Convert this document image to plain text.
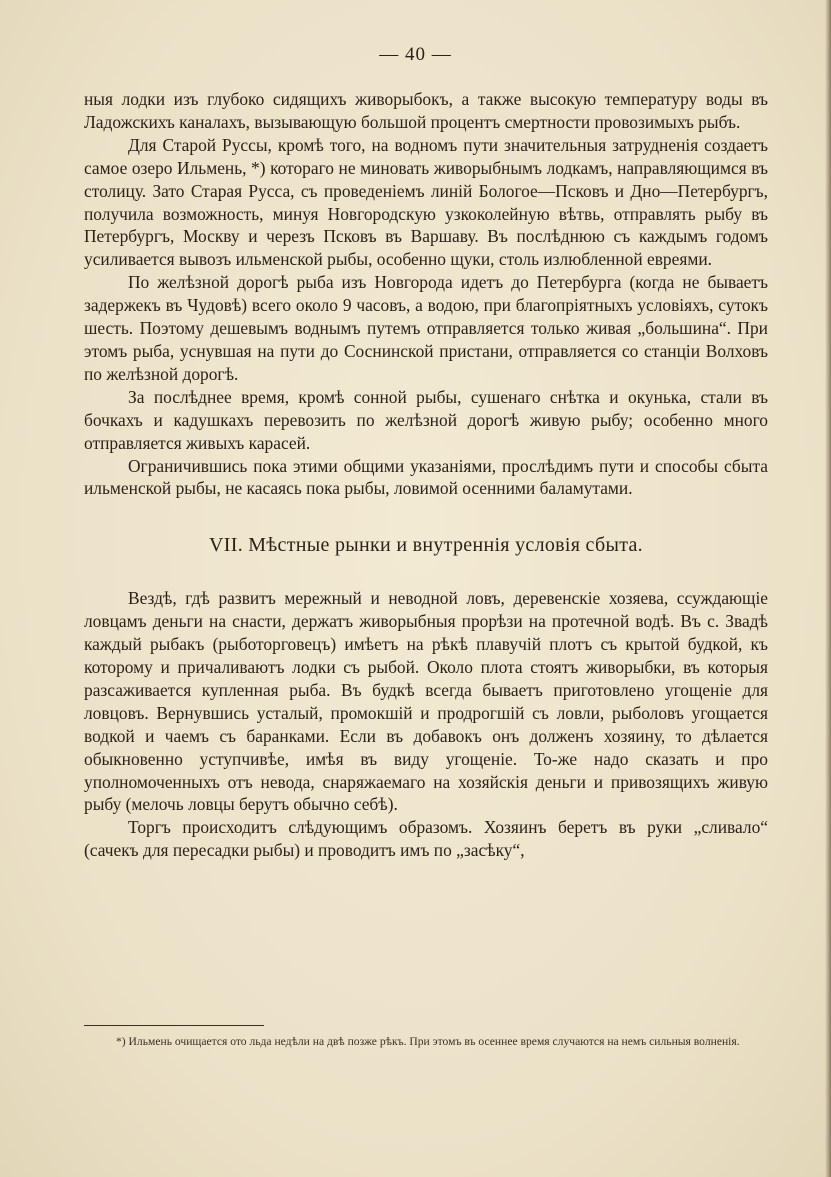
— 40 —

ныя лодки изъ глубоко сидящихъ живорыбокъ, а также высокую температуру воды въ Ладожскихъ каналахъ, вызывающую большой процентъ смертности провозимыхъ рыбъ.

Для Старой Руссы, кромѣ того, на водномъ пути значительныя затрудненія создаетъ самое озеро Ильмень, *) котораго не миновать живорыбнымъ лодкамъ, направляющимся въ столицу. Зато Старая Русса, съ проведеніемъ линій Бологое—Псковъ и Дно—Петербургъ, получила возможность, минуя Новгородскую узкоколейную вѣтвь, отправлять рыбу въ Петербургъ, Москву и черезъ Псковъ въ Варшаву. Въ послѣднюю съ каждымъ годомъ усиливается вывозъ ильменской рыбы, особенно щуки, столь излюбленной евреями.

По желѣзной дорогѣ рыба изъ Новгорода идетъ до Петербурга (когда не бываетъ задержекъ въ Чудовѣ) всего около 9 часовъ, а водою, при благопріятныхъ условіяхъ, сутокъ шесть. Поэтому дешевымъ воднымъ путемъ отправляется только живая „большина“. При этомъ рыба, уснувшая на пути до Соснинской пристани, отправляется со станціи Волховъ по желѣзной дорогѣ.

За послѣднее время, кромѣ сонной рыбы, сушенаго снѣтка и окунька, стали въ бочкахъ и кадушкахъ перевозить по желѣзной дорогѣ живую рыбу; особенно много отправляется живыхъ карасей.

Ограничившись пока этими общими указаніями, прослѣдимъ пути и способы сбыта ильменской рыбы, не касаясь пока рыбы, ловимой осенними баламутами.

VII. Мѣстные рынки и внутреннія условія сбыта.

Вездѣ, гдѣ развитъ мережный и неводной ловъ, деревенскіе хозяева, ссуждающіе ловцамъ деньги на снасти, держатъ живорыбныя прорѣзи на протечной водѣ. Въ с. Звадѣ каждый рыбакъ (рыботорговецъ) имѣетъ на рѣкѣ плавучій плотъ съ крытой будкой, къ которому и причаливаютъ лодки съ рыбой. Около плота стоятъ живорыбки, въ которыя разсаживается купленная рыба. Въ будкѣ всегда бываетъ приготовлено угощеніе для ловцовъ. Вернувшись усталый, промокшій и продрогшій съ ловли, рыболовъ угощается водкой и чаемъ съ баранками. Если въ добавокъ онъ долженъ хозяину, то дѣлается обыкновенно уступчивѣе, имѣя въ виду угощеніе. То-же надо сказать и про уполномоченныхъ отъ невода, снаряжаемаго на хозяйскія деньги и привозящихъ живую рыбу (мелочь ловцы берутъ обычно себѣ).

Торгъ происходитъ слѣдующимъ образомъ. Хозяинъ беретъ въ руки „сливало“ (сачекъ для пересадки рыбы) и проводитъ имъ по „засѣку“,

*) Ильмень очищается ото льда недѣли на двѣ позже рѣкъ. При этомъ въ осеннее время случаются на немъ сильныя волненія.
